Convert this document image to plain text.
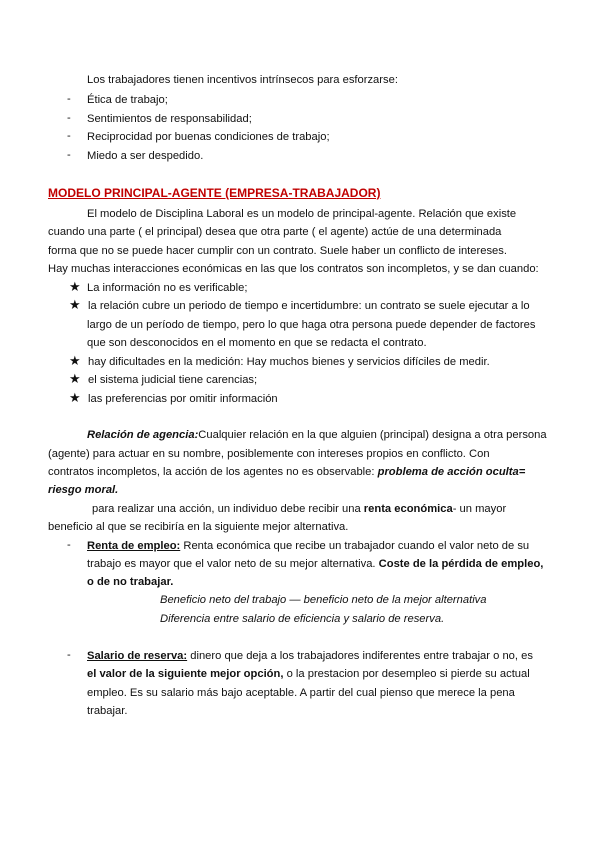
Los trabajadores tienen incentivos intrínsecos para esforzarse:
-	Ética de trabajo;
-	Sentimientos de responsabilidad;
-	Reciprocidad por buenas condiciones de trabajo;
-	Miedo a ser despedido.
MODELO PRINCIPAL-AGENTE (EMPRESA-TRABAJADOR)
El modelo de Disciplina Laboral es un modelo de principal-agente. Relación que existe
cuando una parte ( el principal) desea que otra parte ( el agente) actúe de una determinada
forma que no se puede hacer cumplir con un contrato. Suele haber un conflicto de intereses.
Hay muchas interacciones económicas en las que los contratos son incompletos, y se dan cuando:
★ La información no es verificable;
★ la relación cubre un periodo de tiempo e incertidumbre: un contrato se suele ejecutar a lo
largo de un período de tiempo, pero lo que haga otra persona puede depender de factores
que son desconocidos en el momento en que se redacta el contrato.
★ hay dificultades en la medición: Hay muchos bienes y servicios difíciles de medir.
★ el sistema judicial tiene carencias;
★ las preferencias por omitir información
Relación de agencia:Cualquier relación en la que alguien (principal) designa a otra persona
(agente) para actuar en su nombre, posiblemente con intereses propios en conflicto. Con
contratos incompletos, la acción de los agentes no es observable: problema de acción oculta=
riesgo moral.
para realizar una acción, un individuo debe recibir una renta económica- un mayor
beneficio al que se recibiría en la siguiente mejor alternativa.
-	Renta de empleo: Renta económica que recibe un trabajador cuando el valor neto de su
trabajo es mayor que el valor neto de su mejor alternativa. Coste de la pérdida de empleo,
o de no trabajar.
Beneficio neto del trabajo — beneficio neto de la mejor alternativa
Diferencia entre salario de eficiencia y salario de reserva.
-	Salario de reserva: dinero que deja a los trabajadores indiferentes entre trabajar o no, es
el valor de la siguiente mejor opción, o la prestacion por desempleo si pierde su actual
empleo. Es su salario más bajo aceptable. A partir del cual pienso que merece la pena
trabajar.
